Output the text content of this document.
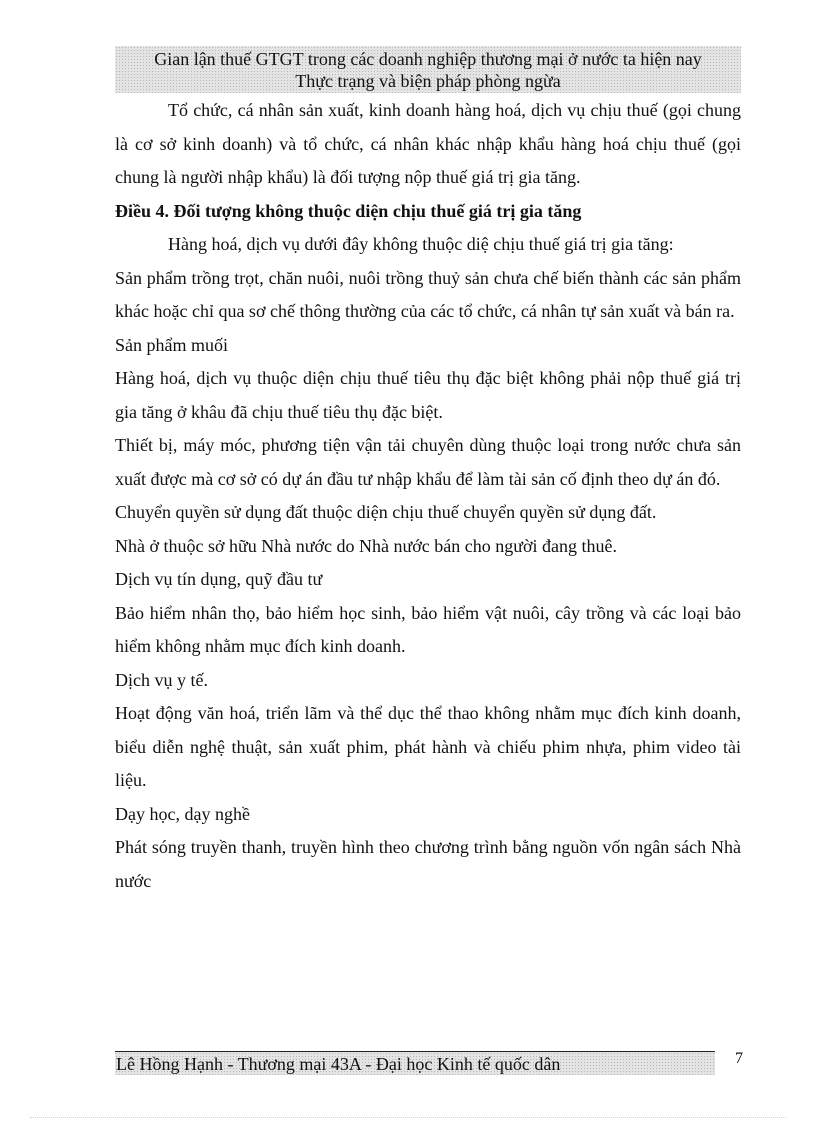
Gian lận thuế GTGT trong các doanh nghiệp thương mại ở nước ta hiện nay
Thực trạng và biện pháp phòng ngừa

Tổ chức, cá nhân sản xuất, kinh doanh hàng hoá, dịch vụ chịu thuế (gọi chung là cơ sở kinh doanh) và tổ chức, cá nhân khác nhập khẩu hàng hoá chịu thuế (gọi chung là người nhập khẩu) là đối tượng nộp thuế giá trị gia tăng.

Điều 4. Đối tượng không thuộc diện chịu thuế giá trị gia tăng

Hàng hoá, dịch vụ dưới đây không thuộc diệ chịu thuế giá trị gia tăng:

Sản phẩm trồng trọt, chăn nuôi, nuôi trồng thuỷ sản chưa chế biến thành các sản phẩm khác hoặc chỉ qua sơ chế thông thường của các tổ chức, cá nhân tự sản xuất và bán ra.

Sản phẩm muối

Hàng hoá, dịch vụ thuộc diện chịu thuế tiêu thụ đặc biệt không phải nộp thuế giá trị gia tăng ở khâu đã chịu thuế tiêu thụ đặc biệt.

Thiết bị, máy móc, phương tiện vận tải chuyên dùng thuộc loại trong nước chưa sản xuất được mà cơ sở có dự án đầu tư nhập khẩu để làm tài sản cố định theo dự án đó.

Chuyển quyền sử dụng đất thuộc diện chịu thuế chuyển quyền sử dụng đất.

Nhà ở thuộc sở hữu Nhà nước do Nhà nước bán cho người đang thuê.

Dịch vụ tín dụng, quỹ đầu tư

Bảo hiểm nhân thọ, bảo hiểm học sinh, bảo hiểm vật nuôi, cây trồng và các loại bảo hiểm không nhằm mục đích kinh doanh.

Dịch vụ y tế.

Hoạt động văn hoá, triển lãm và thể dục thể thao không nhằm mục đích kinh doanh, biểu diễn nghệ thuật, sản xuất phim, phát hành và chiếu phim nhựa, phim video tài liệu.

Dạy học, dạy nghề

Phát sóng truyền thanh, truyền hình theo chương trình bằng nguồn vốn ngân sách Nhà nước

Lê Hồng Hạnh - Thương mại 43A - Đại học Kinh tế quốc dân	7
